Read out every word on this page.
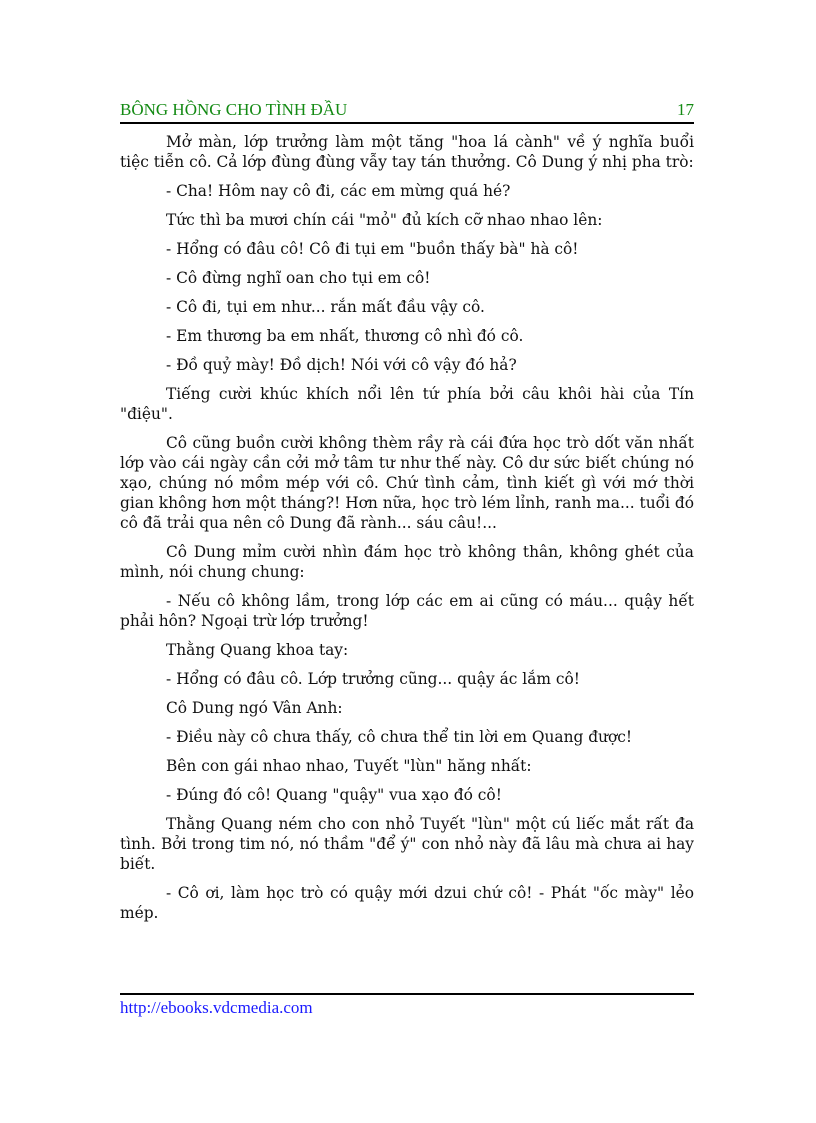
BÔNG HỒNG CHO TÌNH ĐẦU	17

Mở màn, lớp trưởng làm một tăng "hoa lá cành" về ý nghĩa buổi tiệc tiễn cô. Cả lớp đùng đùng vẫy tay tán thưởng. Cô Dung ý nhị pha trò:

- Cha! Hôm nay cô đi, các em mừng quá hé?

Tức thì ba mươi chín cái "mỏ" đủ kích cỡ nhao nhao lên:

- Hổng có đâu cô! Cô đi tụi em "buồn thấy bà" hà cô!

- Cô đừng nghĩ oan cho tụi em cô!

- Cô đi, tụi em như... rắn mất đầu vậy cô.

- Em thương ba em nhất, thương cô nhì đó cô.

- Đồ quỷ mày! Đồ dịch! Nói với cô vậy đó hả?

Tiếng cười khúc khích nổi lên tứ phía bởi câu khôi hài của Tín "điệu".

Cô cũng buồn cười không thèm rầy rà cái đứa học trò dốt văn nhất lớp vào cái ngày cần cởi mở tâm tư như thế này. Cô dư sức biết chúng nó xạo, chúng nó mồm mép với cô. Chứ tình cảm, tình kiết gì với mớ thời gian không hơn một tháng?! Hơn nữa, học trò lém lỉnh, ranh ma... tuổi đó cô đã trải qua nên cô Dung đã rành... sáu câu!...

Cô Dung mỉm cười nhìn đám học trò không thân, không ghét của mình, nói chung chung:

- Nếu cô không lầm, trong lớp các em ai cũng có máu... quậy hết phải hôn? Ngoại trừ lớp trưởng!

Thằng Quang khoa tay:

- Hổng có đâu cô. Lớp trưởng cũng... quậy ác lắm cô!

Cô Dung ngó Vân Anh:

- Điều này cô chưa thấy, cô chưa thể tin lời em Quang được!

Bên con gái nhao nhao, Tuyết "lùn" hăng nhất:

- Đúng đó cô! Quang "quậy" vua xạo đó cô!

Thằng Quang ném cho con nhỏ Tuyết "lùn" một cú liếc mắt rất đa tình. Bởi trong tim nó, nó thầm "để ý" con nhỏ này đã lâu mà chưa ai hay biết.

- Cô ơi, làm học trò có quậy mới dzui chứ cô! - Phát "ốc mày" lẻo mép.

http://ebooks.vdcmedia.com
